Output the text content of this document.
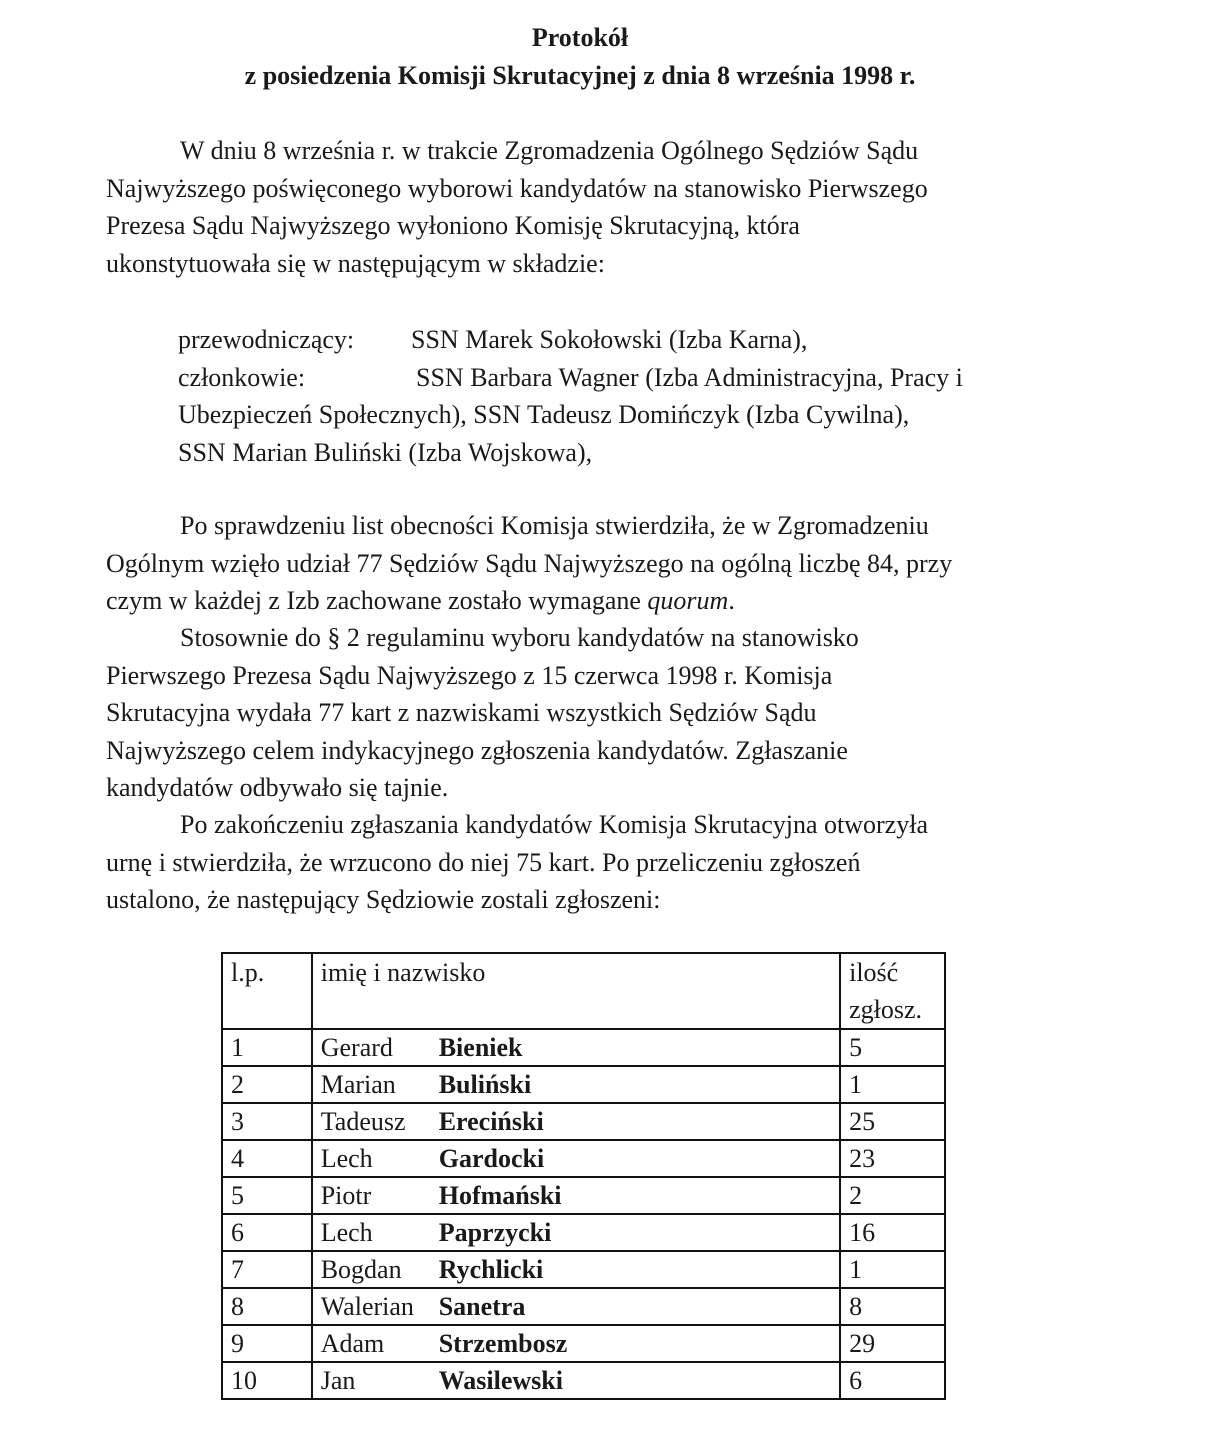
Protokół
z posiedzenia Komisji Skrutacyjnej z dnia 8 września 1998 r.
W dniu 8 września r. w trakcie Zgromadzenia Ogólnego Sędziów Sądu
Najwyższego poświęconego wyborowi kandydatów na stanowisko Pierwszego
Prezesa Sądu Najwyższego wyłoniono Komisję Skrutacyjną, która
ukonstytuowała się w następującym w składzie:
przewodniczący: SSN Marek Sokołowski (Izba Karna),
członkowie:	SSN Barbara Wagner (Izba Administracyjna, Pracy i
Ubezpieczeń Społecznych), SSN Tadeusz Domińczyk (Izba Cywilna),
SSN Marian Buliński (Izba Wojskowa),
Po sprawdzeniu list obecności Komisja stwierdziła, że w Zgromadzeniu
Ogólnym wzięło udział 77 Sędziów Sądu Najwyższego na ogólną liczbę 84, przy
czym w każdej z Izb zachowane zostało wymagane quorum.
Stosownie do § 2 regulaminu wyboru kandydatów na stanowisko
Pierwszego Prezesa Sądu Najwyższego z 15 czerwca 1998 r. Komisja
Skrutacyjna wydała 77 kart z nazwiskami wszystkich Sędziów Sądu
Najwyższego celem indykacyjnego zgłoszenia kandydatów. Zgłaszanie
kandydatów odbywało się tajnie.
Po zakończeniu zgłaszania kandydatów Komisja Skrutacyjna otworzyła
urnę i stwierdziła, że wrzucono do niej 75 kart. Po przeliczeniu zgłoszeń
ustalono, że następujący Sędziowie zostali zgłoszeni:
l.p.	imię i nazwisko	ilość
zgłosz.
1	Gerard Bieniek	5
2	Marian Buliński	1
3	Tadeusz Ereciński	25
4	Lech Gardocki	23
5	Piotr Hofmański	2
6	Lech Paprzycki	16
7	Bogdan Rychlicki	1
8	Walerian Sanetra	8
9	Adam Strzembosz	29
10	Jan Wasilewski	6
